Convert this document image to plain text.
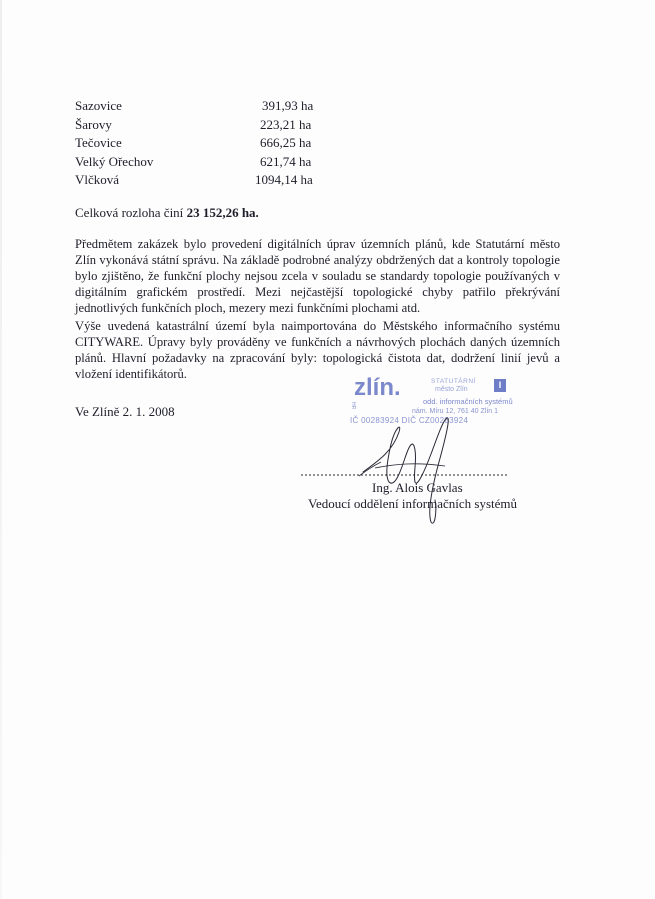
Sazovice	391,93 ha
Šarovy	223,21 ha
Tečovice	666,25 ha
Velký Ořechov	621,74 ha
Vlčková	1094,14 ha
Celková rozloha činí 23 152,26 ha.

Předmětem zakázek bylo provedení digitálních úprav územních plánů, kde Statutární město Zlín vykonává státní správu. Na základě podrobné analýzy obdržených dat a kontroly topologie bylo zjištěno, že funkční plochy nejsou zcela v souladu se standardy topologie používaných v digitálním grafickém prostředí. Mezi nejčastější topologické chyby patřilo překrývání jednotlivých funkčních ploch, mezery mezi funkčními plochami atd.

Výše uvedená katastrální území byla naimportována do Městského informačního systému CITYWARE. Úpravy byly prováděny ve funkčních a návrhových plochách daných územních plánů. Hlavní požadavky na zpracování byly: topologická čistota dat, dodržení linií jevů a vložení identifikátorů.

Ve Zlíně 2. 1. 2008
zlín.
HR
STATUTÁRNÍ
město Zlín	I
odd. informačních systémů
nám. Míru 12, 761 40 Zlín 1
IČ 00283924 DIČ CZ00283924
Ing. Alois Gavlas
Vedoucí oddělení informačních systémů
